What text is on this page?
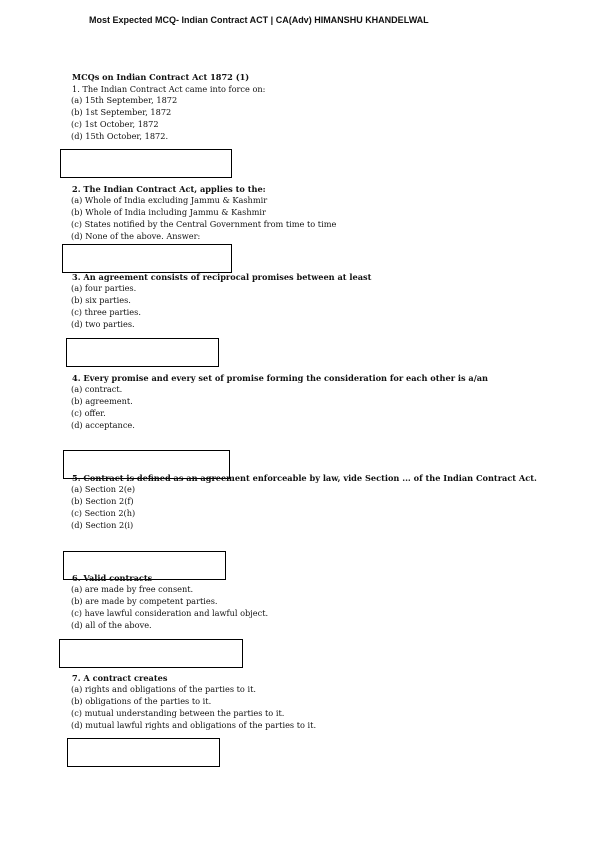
Most Expected MCQ- Indian Contract ACT | CA(Adv) HIMANSHU KHANDELWAL
MCQs on Indian Contract Act 1872 (1)
1. The Indian Contract Act came into force on:
(a) 15th September, 1872
(b) 1st September, 1872
(c) 1st October, 1872
(d) 15th October, 1872.
2. The Indian Contract Act, applies to the:
(a) Whole of India excluding Jammu & Kashmir
(b) Whole of India including Jammu & Kashmir
(c) States notified by the Central Government from time to time
(d) None of the above. Answer:
3. An agreement consists of reciprocal promises between at least
(a) four parties.
(b) six parties.
(c) three parties.
(d) two parties.
4. Every promise and every set of promise forming the consideration for each other is a/an
(a) contract.
(b) agreement.
(c) offer.
(d) acceptance.
5. Contract is defined as an agreement enforceable by law, vide Section ... of the Indian Contract Act.
(a) Section 2(e)
(b) Section 2(f)
(c) Section 2(h)
(d) Section 2(i)
6. Valid contracts
(a) are made by free consent.
(b) are made by competent parties.
(c) have lawful consideration and lawful object.
(d) all of the above.
7. A contract creates
(a) rights and obligations of the parties to it.
(b) obligations of the parties to it.
(c) mutual understanding between the parties to it.
(d) mutual lawful rights and obligations of the parties to it.
